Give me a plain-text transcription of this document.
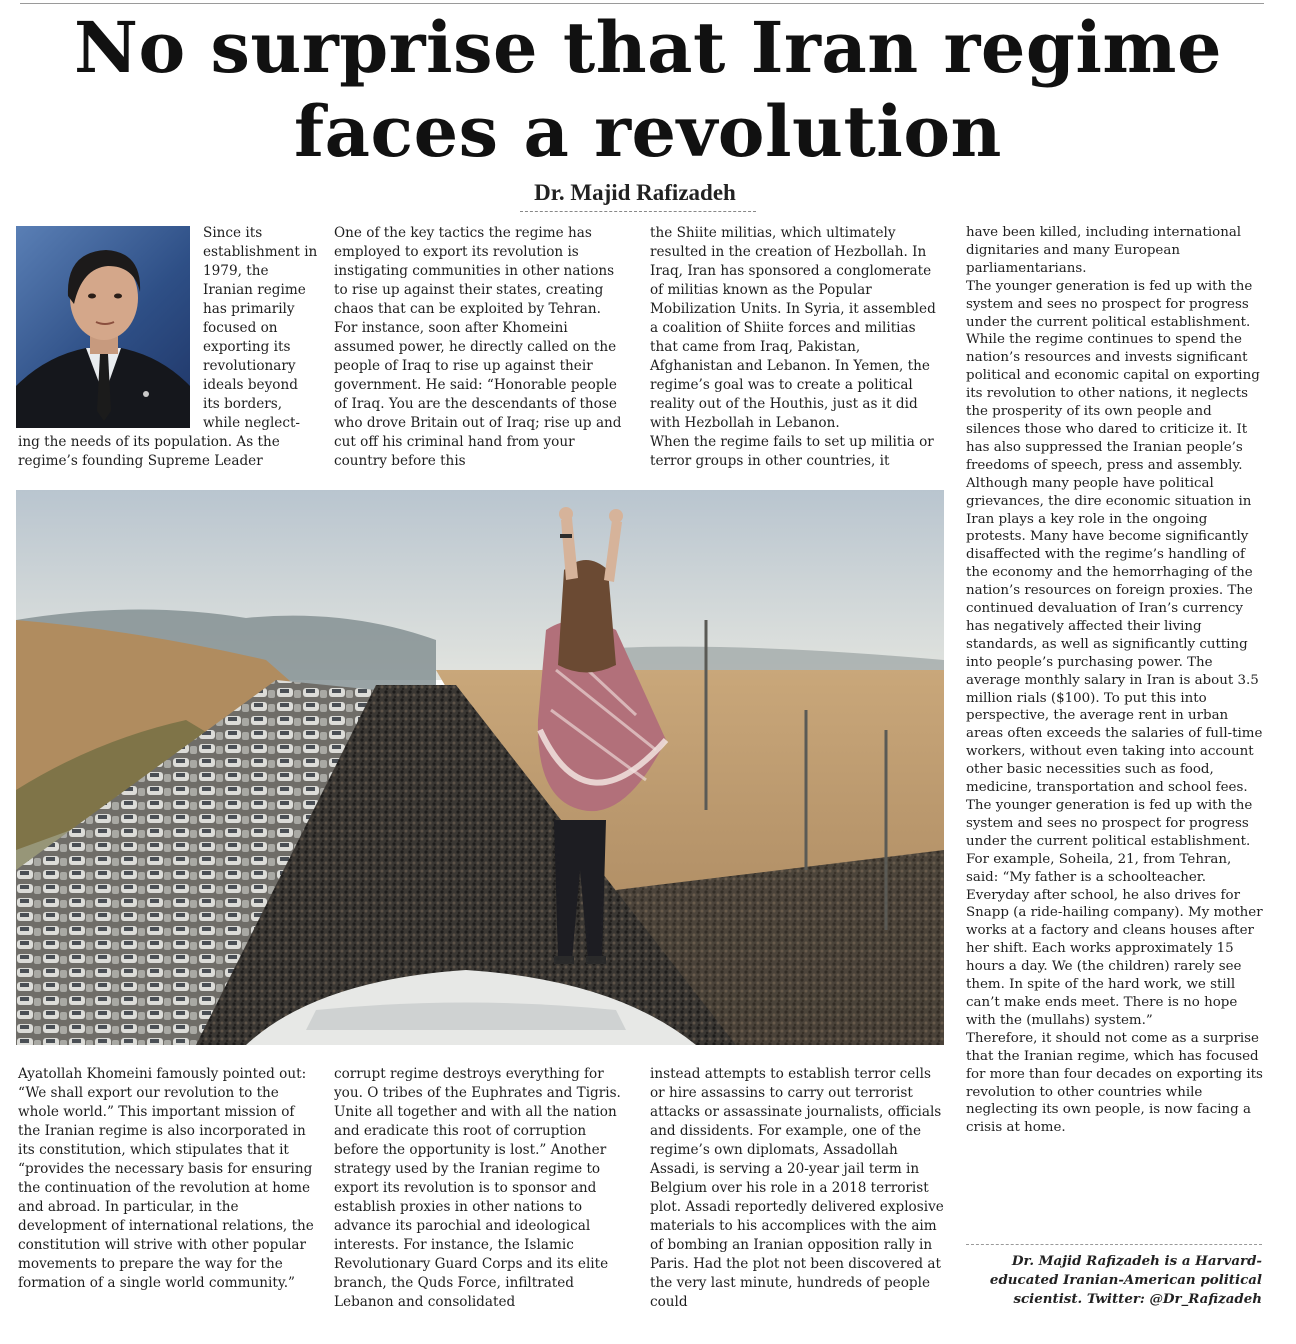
No surprise that Iran regime
faces a revolution
Dr. Majid Rafizadeh
Since its establishment in 1979, the Iranian regime has primarily focused on exporting its revolutionary ideals beyond its borders, while neglect-
ing the needs of its population. As the regime’s founding Supreme Leader
One of the key tactics the regime has employed to export its revolution is instigating communities in other nations to rise up against their states, creating chaos that can be exploited by Tehran. For instance, soon after Khomeini assumed power, he directly called on the people of Iraq to rise up against their government. He said: “Honorable people of Iraq. You are the descendants of those who drove Britain out of Iraq; rise up and cut off his criminal hand from your country before this

the Shiite militias, which ultimately resulted in the creation of Hezbollah. In Iraq, Iran has sponsored a conglomerate of militias known as the Popular Mobilization Units. In Syria, it assembled a coalition of Shiite forces and militias that came from Iraq, Pakistan, Afghanistan and Lebanon. In Yemen, the regime’s goal was to create a political reality out of the Houthis, just as it did with Hezbollah in Lebanon.

When the regime fails to set up militia or terror groups in other countries, it

Ayatollah Khomeini famously pointed out: “We shall export our revolution to the whole world.” This important mission of the Iranian regime is also incorporated in its constitution, which stipulates that it “provides the necessary basis for ensuring the continuation of the revolution at home and abroad. In particular, in the development of international relations, the constitution will strive with other popular movements to prepare the way for the formation of a single world community.”
corrupt regime destroys everything for you. O tribes of the Euphrates and Tigris. Unite all together and with all the nation and eradicate this root of corruption before the opportunity is lost.” Another strategy used by the Iranian regime to export its revolution is to sponsor and establish proxies in other nations to advance its parochial and ideological interests. For instance, the Islamic Revolutionary Guard Corps and its elite branch, the Quds Force, infiltrated Lebanon and consolidated
instead attempts to establish terror cells or hire assassins to carry out terrorist attacks or assassinate journalists, officials and dissidents. For example, one of the regime’s own diplomats, Assadollah Assadi, is serving a 20-year jail term in Belgium over his role in a 2018 terrorist plot. Assadi reportedly delivered explosive materials to his accomplices with the aim of bombing an Iranian opposition rally in Paris. Had the plot not been discovered at the very last minute, hundreds of people could

have been killed, including international dignitaries and many European parliamentarians.

The younger generation is fed up with the system and sees no prospect for progress under the current political establishment.

While the regime continues to spend the nation’s resources and invests significant political and economic capital on exporting its revolution to other nations, it neglects the prosperity of its own people and silences those who dared to criticize it. It has also suppressed the Iranian people’s freedoms of speech, press and assembly.

Although many people have political grievances, the dire economic situation in Iran plays a key role in the ongoing protests. Many have become significantly disaffected with the regime’s handling of the economy and the hemorrhaging of the nation’s resources on foreign proxies. The continued devaluation of Iran’s currency has negatively affected their living standards, as well as significantly cutting into people’s purchasing power. The average monthly salary in Iran is about 3.5 million rials ($100). To put this into perspective, the average rent in urban areas often exceeds the salaries of full-time workers, without even taking into account other basic necessities such as food, medicine, transportation and school fees.

The younger generation is fed up with the system and sees no prospect for progress under the current political establishment. For example, Soheila, 21, from Tehran, said: “My father is a schoolteacher. Everyday after school, he also drives for Snapp (a ride-hailing company). My mother works at a factory and cleans houses after her shift. Each works approximately 15 hours a day. We (the children) rarely see them. In spite of the hard work, we still can’t make ends meet. There is no hope with the (mullahs) system.”

Therefore, it should not come as a surprise that the Iranian regime, which has focused for more than four decades on exporting its revolution to other countries while neglecting its own people, is now facing a crisis at home.

Dr. Majid Rafizadeh is a Harvard-educated Iranian-American political scientist. Twitter: @Dr_Rafizadeh
